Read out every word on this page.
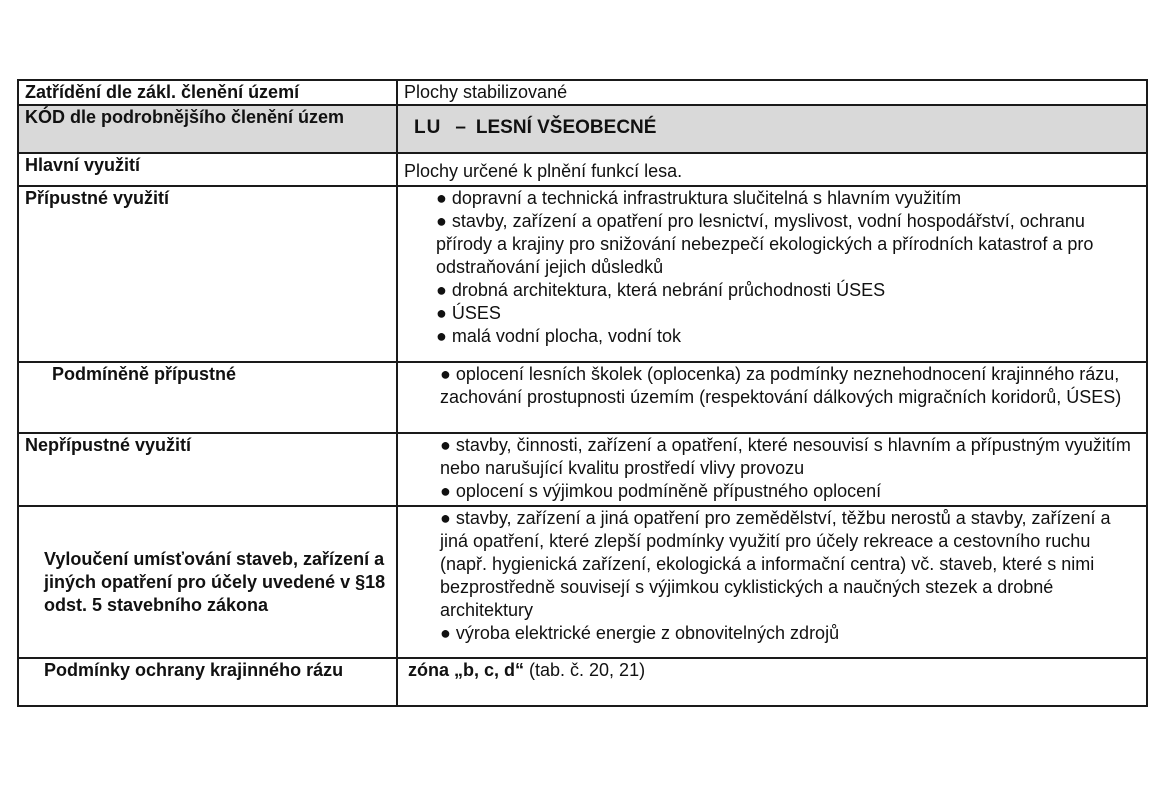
Zatřídění dle zákl. členění území	Plochy stabilizované
KÓD dle podrobnějšího členění územ	LU – LESNÍ VŠEOBECNÉ
Hlavní využití	Plochy určené k plnění funkcí lesa.

Přípustné využití	● dopravní a technická infrastruktura slučitelná s hlavním využitím
● stavby, zařízení a opatření pro lesnictví, myslivost, vodní hospodářství, ochranu přírody a krajiny pro snižování nebezpečí ekologických a přírodních katastrof a pro odstraňování jejich důsledků
● drobná architektura, která nebrání průchodnosti ÚSES
● ÚSES
● malá vodní plocha, vodní tok

Podmíněně přípustné	● oplocení lesních školek (oplocenka) za podmínky neznehodnocení krajinného rázu, zachování prostupnosti územím (respektování dálkových migračních koridorů, ÚSES)

Nepřípustné využití	● stavby, činnosti, zařízení a opatření, které nesouvisí s hlavním a přípustným využitím nebo narušující kvalitu prostředí vlivy provozu
● oplocení s výjimkou podmíněně přípustného oplocení

Vyloučení umísťování staveb, zařízení a jiných opatření pro účely uvedené v §18 odst. 5 stavebního zákona	● stavby, zařízení a jiná opatření pro zemědělství, těžbu nerostů a stavby, zařízení a jiná opatření, které zlepší podmínky využití pro účely rekreace a cestovního ruchu (např. hygienická zařízení, ekologická a informační centra) vč. staveb, které s nimi bezprostředně souvisejí s výjimkou cyklistických a naučných stezek a drobné architektury
● výroba elektrické energie z obnovitelných zdrojů

Podmínky ochrany krajinného rázu	zóna „b, c, d“ (tab. č. 20, 21)
